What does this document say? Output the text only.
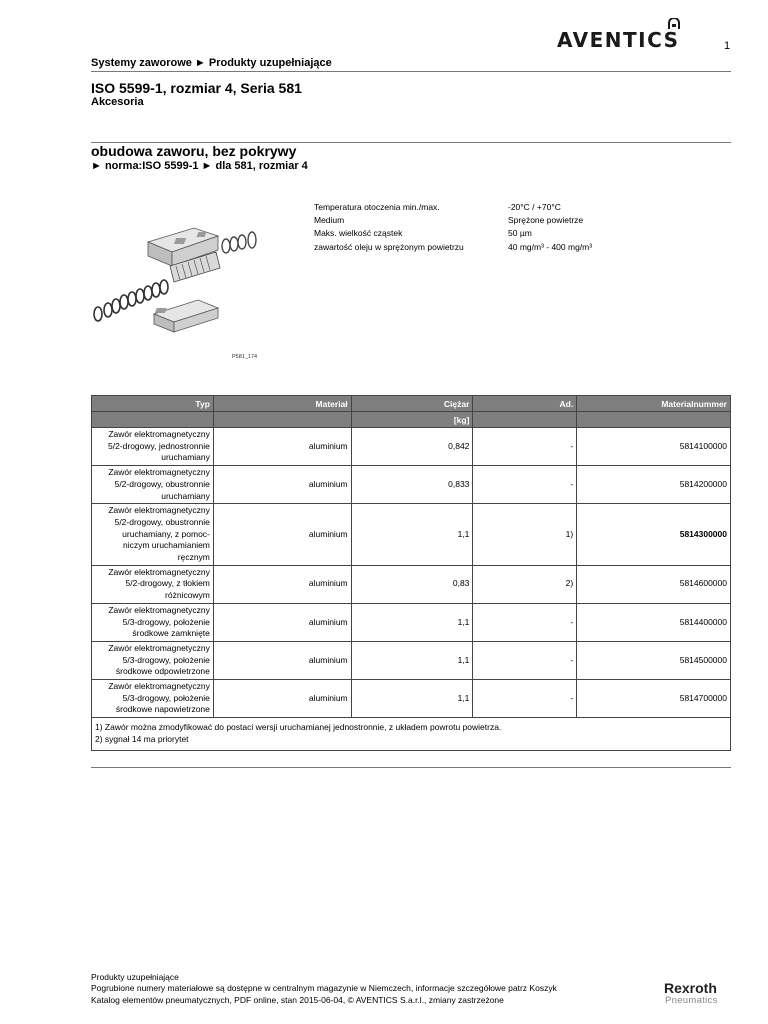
AVENTICS	1
Systemy zaworowe ► Produkty uzupełniające
ISO 5599-1, rozmiar 4, Seria 581
Akcesoria
obudowa zaworu, bez pokrywy
► norma:ISO 5599-1 ► dla 581, rozmiar 4
P581_174
Temperatura otoczenia min./max.	-20°C / +70°C
Medium	Sprężone powietrze
Maks. wielkość cząstek	50 µm
zawartość oleju w sprężonym powietrzu	40 mg/m³ - 400 mg/m³
Typ	Materiał	Ciężar	Ad.	Materialnummer
		[kg]		
Zawór elektromagnetyczny
5/2-drogowy, jednostronnie
uruchamiany	aluminium	0,842	-	5814100000
Zawór elektromagnetyczny
5/2-drogowy, obustronnie
uruchamiany	aluminium	0,833	-	5814200000
Zawór elektromagnetyczny
5/2-drogowy, obustronnie
uruchamiany, z pomoc-
niczym uruchamianiem
ręcznym	aluminium	1,1	1)	5814300000
Zawór elektromagnetyczny
5/2-drogowy, z tłokiem
różnicowym	aluminium	0,83	2)	5814600000
Zawór elektromagnetyczny
5/3-drogowy, położenie
środkowe zamknięte	aluminium	1,1	-	5814400000
Zawór elektromagnetyczny
5/3-drogowy, położenie
środkowe odpowietrzone	aluminium	1,1	-	5814500000
Zawór elektromagnetyczny
5/3-drogowy, położenie
środkowe napowietrzone	aluminium	1,1	-	5814700000

1) Zawór można zmodyfikować do postaci wersji uruchamianej jednostronnie, z układem powrotu powietrza.
2) sygnał 14 ma priorytet				
Produkty uzupełniające
Pogrubione numery materiałowe są dostępne w centralnym magazynie w Niemczech, informacje szczegółowe patrz Koszyk
Katalog elementów pneumatycznych, PDF online, stan 2015-06-04, © AVENTICS S.a.r.l., zmiany zastrzeżone
Rexroth
Pneumatics
